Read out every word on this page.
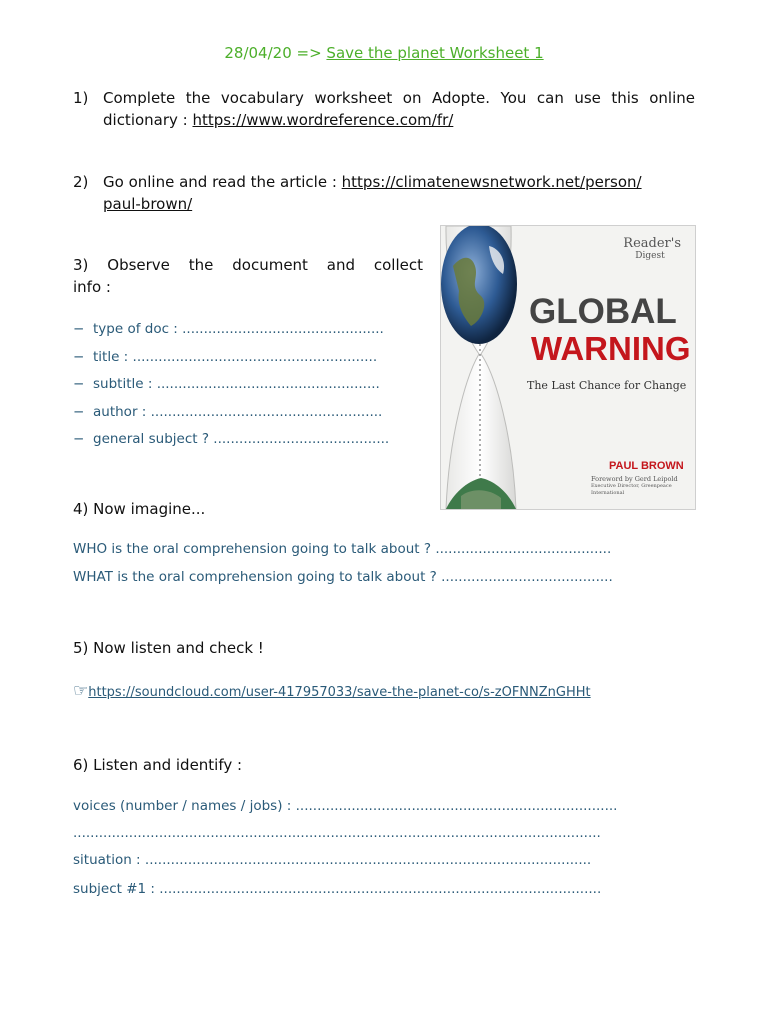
28/04/20 => Save the planet Worksheet 1
1) Complete the vocabulary worksheet on Adopte. You can use this online dictionary : https://www.wordreference.com/fr/
2) Go online and read the article : https://climatenewsnetwork.net/person/
paul-brown/
3) Observe the document and collect
info :
− type of doc : ...............................................
− title : .........................................................
− subtitle : ....................................................
− author : ......................................................
− general subject ? .........................................
Reader's
Digest
GLOBAL
WARNING
The Last Chance for Change
PAUL BROWN
Foreword by Gerd Leipold
Executive Director, Greenpeace International
4) Now imagine...
WHO is the oral comprehension going to talk about ? .........................................
WHAT is the oral comprehension going to talk about ? ........................................
5) Now listen and check !
☞https://soundcloud.com/user-417957033/save-the-planet-co/s-zOFNNZnGHHt
6) Listen and identify :
voices (number / names / jobs) : ...........................................................................
...........................................................................................................................
situation : ........................................................................................................
subject #1 : .......................................................................................................
